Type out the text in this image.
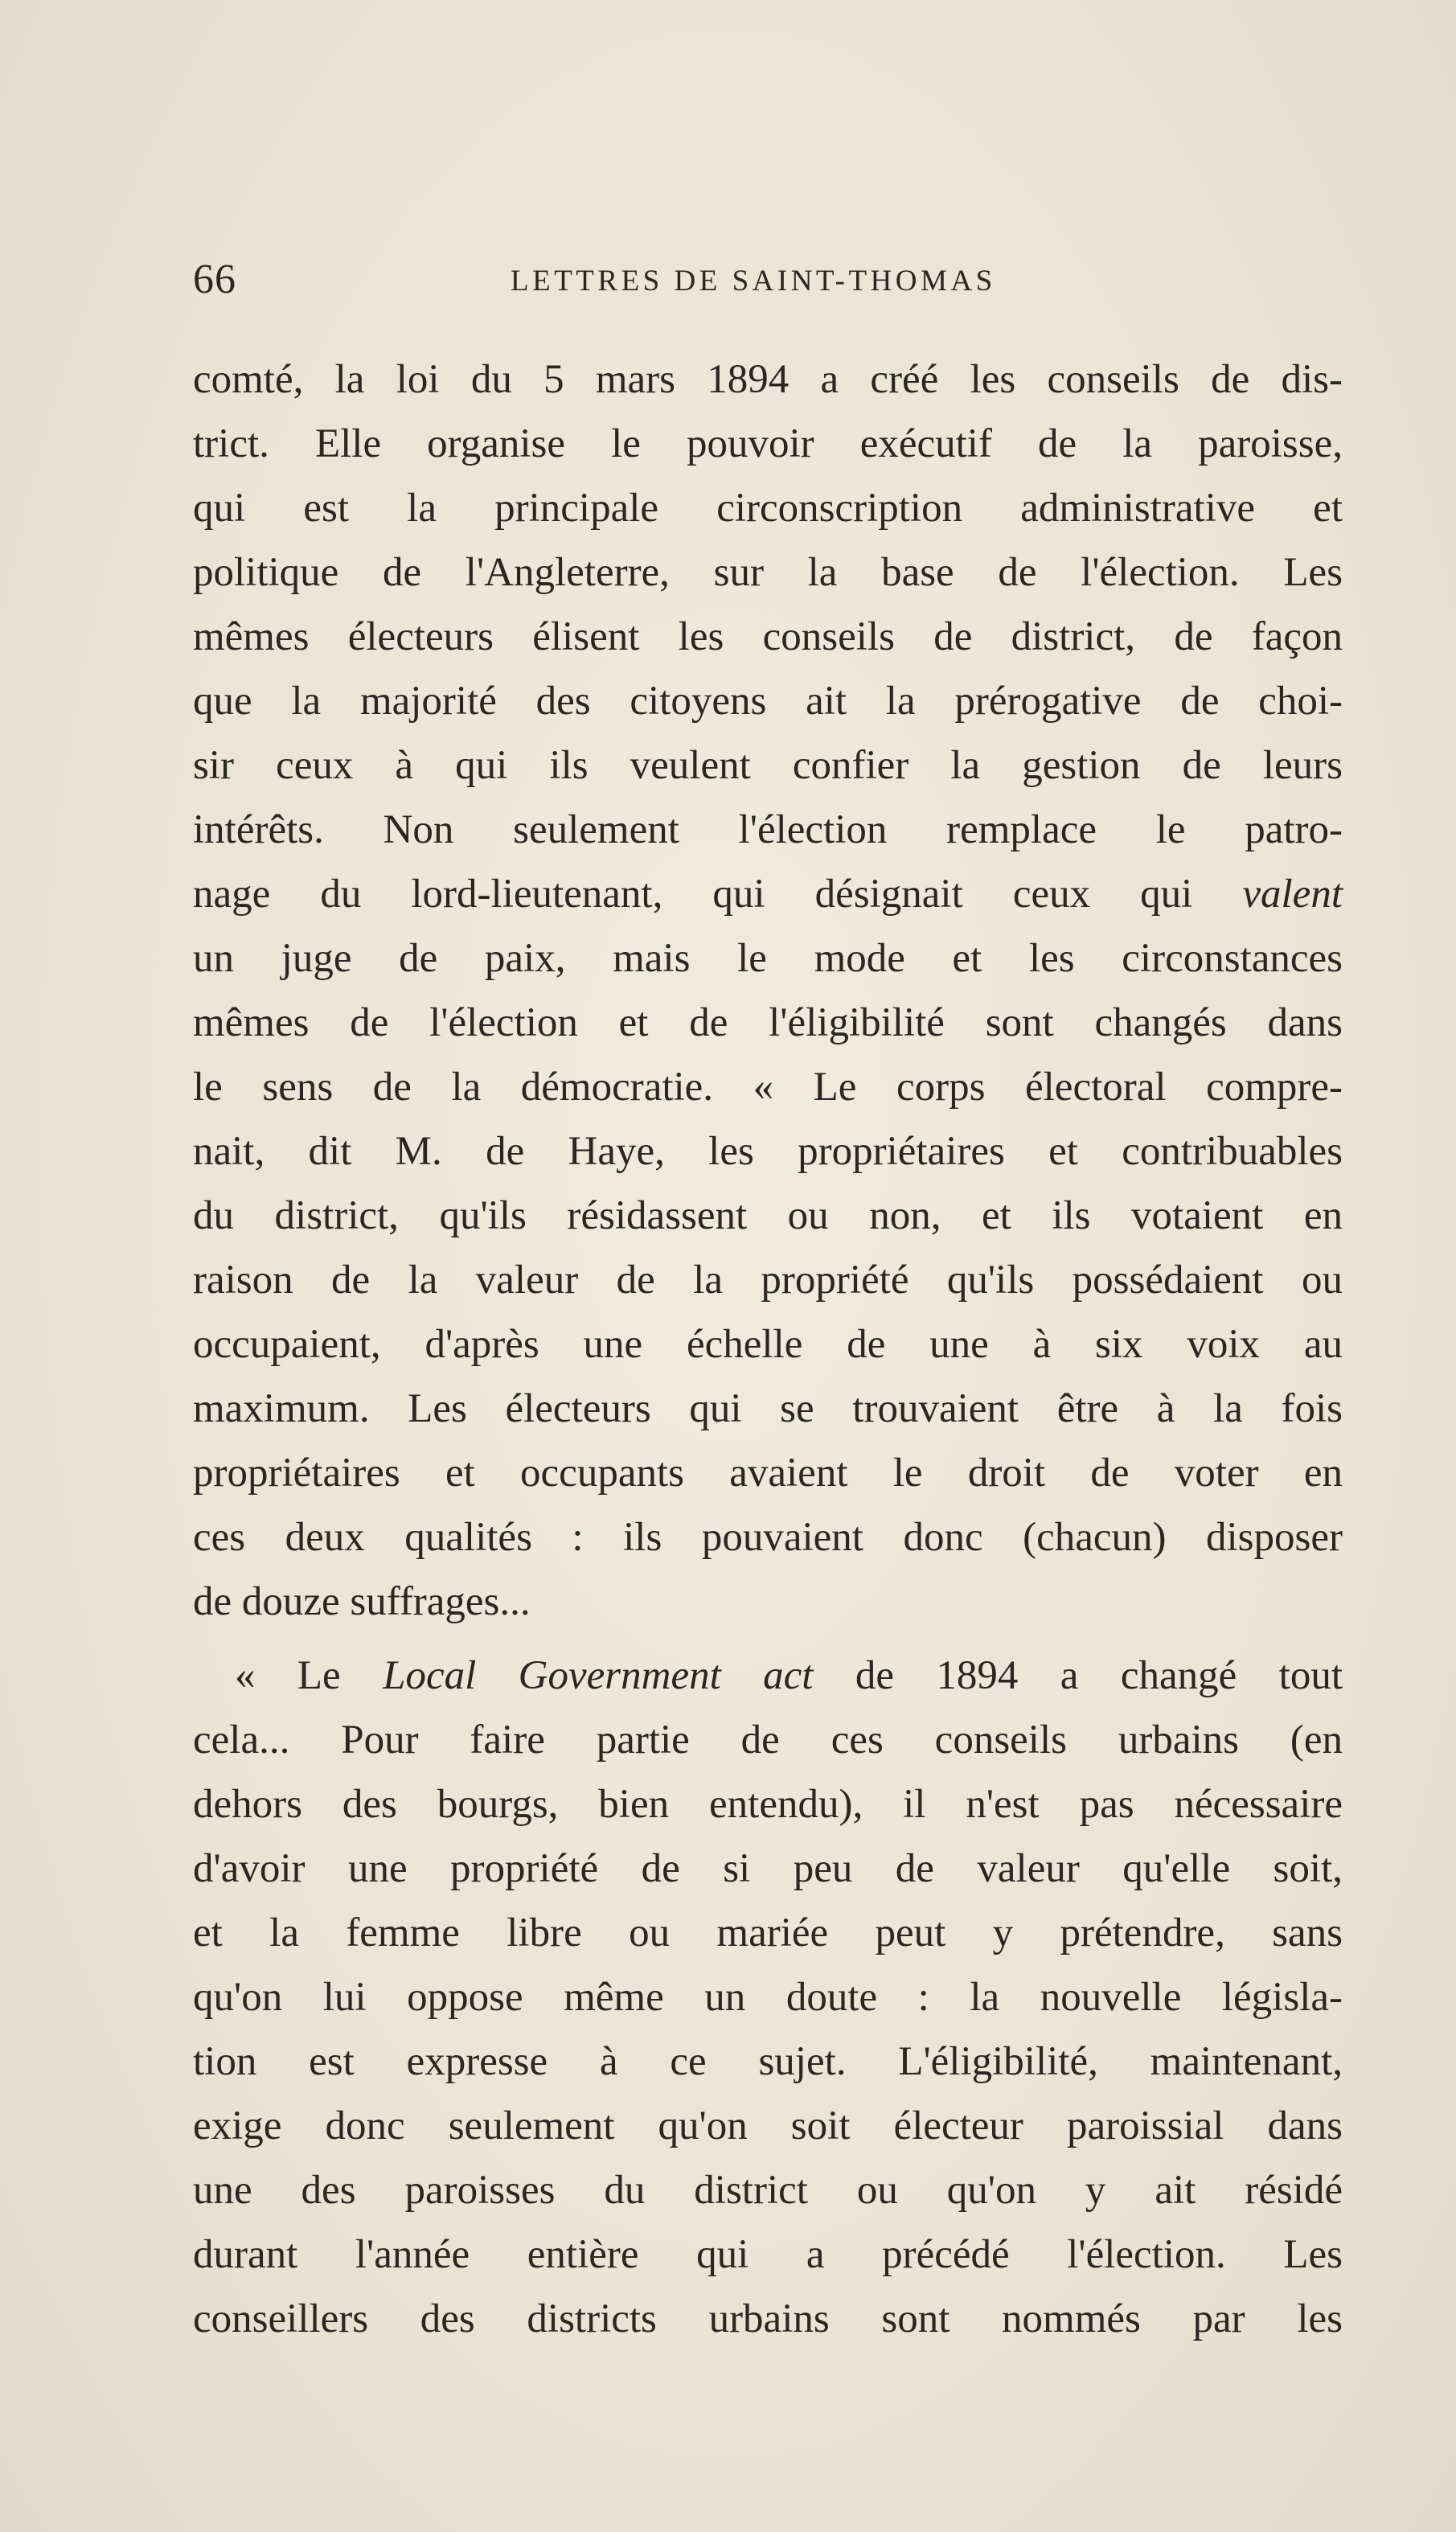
66	LETTRES DE SAINT-THOMAS
comté, la loi du 5 mars 1894 a créé les conseils de dis-
trict. Elle organise le pouvoir exécutif de la paroisse,
qui est la principale circonscription administrative et
politique de l'Angleterre, sur la base de l'élection. Les
mêmes électeurs élisent les conseils de district, de façon
que la majorité des citoyens ait la prérogative de choi-
sir ceux à qui ils veulent confier la gestion de leurs
intérêts. Non seulement l'élection remplace le patro-
nage du lord-lieutenant, qui désignait ceux qui valent
un juge de paix, mais le mode et les circonstances
mêmes de l'élection et de l'éligibilité sont changés dans
le sens de la démocratie. « Le corps électoral compre-
nait, dit M. de Haye, les propriétaires et contribuables
du district, qu'ils résidassent ou non, et ils votaient en
raison de la valeur de la propriété qu'ils possédaient ou
occupaient, d'après une échelle de une à six voix au
maximum. Les électeurs qui se trouvaient être à la fois
propriétaires et occupants avaient le droit de voter en
ces deux qualités : ils pouvaient donc (chacun) disposer
de douze suffrages...
« Le Local Government act de 1894 a changé tout
cela... Pour faire partie de ces conseils urbains (en
dehors des bourgs, bien entendu), il n'est pas nécessaire
d'avoir une propriété de si peu de valeur qu'elle soit,
et la femme libre ou mariée peut y prétendre, sans
qu'on lui oppose même un doute : la nouvelle législa-
tion est expresse à ce sujet. L'éligibilité, maintenant,
exige donc seulement qu'on soit électeur paroissial dans
une des paroisses du district ou qu'on y ait résidé
durant l'année entière qui a précédé l'élection. Les
conseillers des districts urbains sont nommés par les
